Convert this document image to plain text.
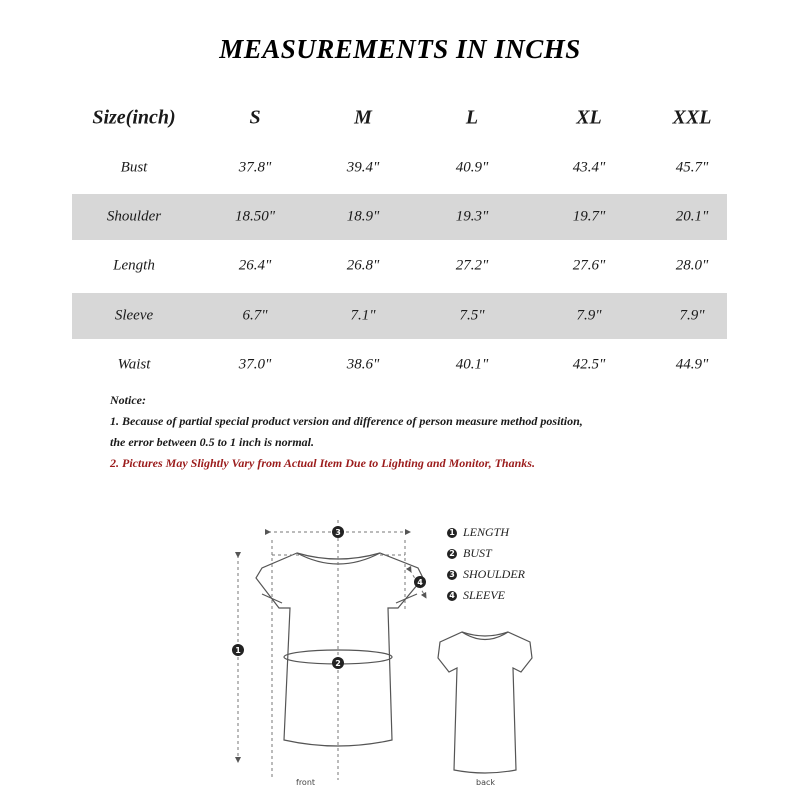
MEASUREMENTS IN INCHS
Size(inch)	S	M	L	XL	XXL
Bust	37.8"	39.4"	40.9"	43.4"	45.7"
Shoulder	18.50"	18.9"	19.3"	19.7"	20.1"
Length	26.4"	26.8"	27.2"	27.6"	28.0"
Sleeve	6.7"	7.1"	7.5"	7.9"	7.9"
Waist	37.0"	38.6"	40.1"	42.5"	44.9"
Notice:
1. Because of partial special product version and difference of person measure method position,
the error between 0.5 to 1 inch is normal.
2. Pictures May Slightly Vary from Actual Item Due to Lighting and Monitor, Thanks.
3
1
2
4
front	back
1 LENGTH
2 BUST
3 SHOULDER
4 SLEEVE
